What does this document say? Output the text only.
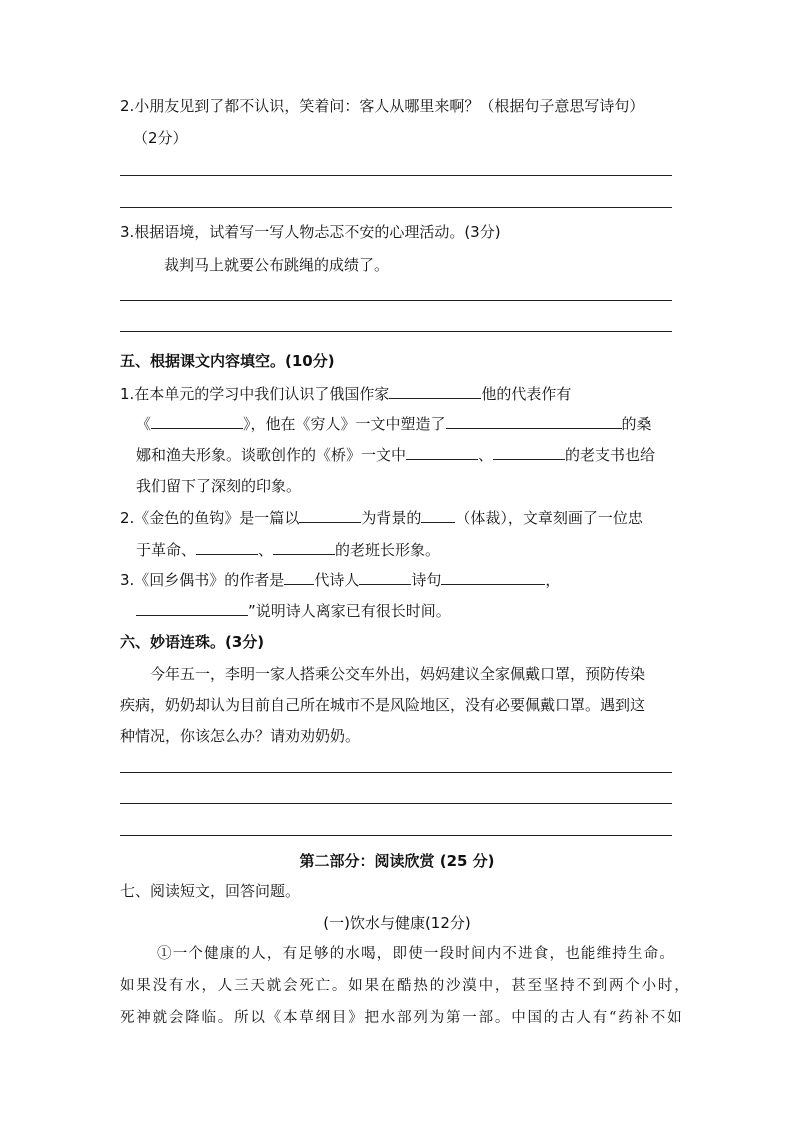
2.小朋友见到了都不认识，笑着问：客人从哪里来啊？（根据句子意思写诗句）
（2分）
3.根据语境，试着写一写人物忐忑不安的心理活动。(3分)
裁判马上就要公布跳绳的成绩了。
五、根据课文内容填空。(10分)
1.在本单元的学习中我们认识了俄国作家	他的代表作有
《	》，他在《穷人》一文中塑造了	的桑
娜和渔夫形象。谈歌创作的《桥》一文中	、	的老支书也给
我们留下了深刻的印象。
2.《金色的鱼钩》是一篇以	为背景的 （体裁），文章刻画了一位忠
于革命、	、	的老班长形象。
3.《回乡偶书》的作者是 代诗人	诗句	，
”说明诗人离家已有很长时间。
六、妙语连珠。(3分)
今年五一，李明一家人搭乘公交车外出，妈妈建议全家佩戴口罩，预防传染
疾病，奶奶却认为目前自己所在城市不是风险地区，没有必要佩戴口罩。遇到这
种情况，你该怎么办？请劝劝奶奶。
第二部分：阅读欣赏 (25 分)
七、阅读短文，回答问题。
(一)饮水与健康(12分)
①一个健康的人，有足够的水喝，即使一段时间内不进食，也能维持生命。
如果没有水，人三天就会死亡。如果在酷热的沙漠中，甚至坚持不到两个小时，
死神就会降临。所以《本草纲目》把水部列为第一部。中国的古人有“药补不如
